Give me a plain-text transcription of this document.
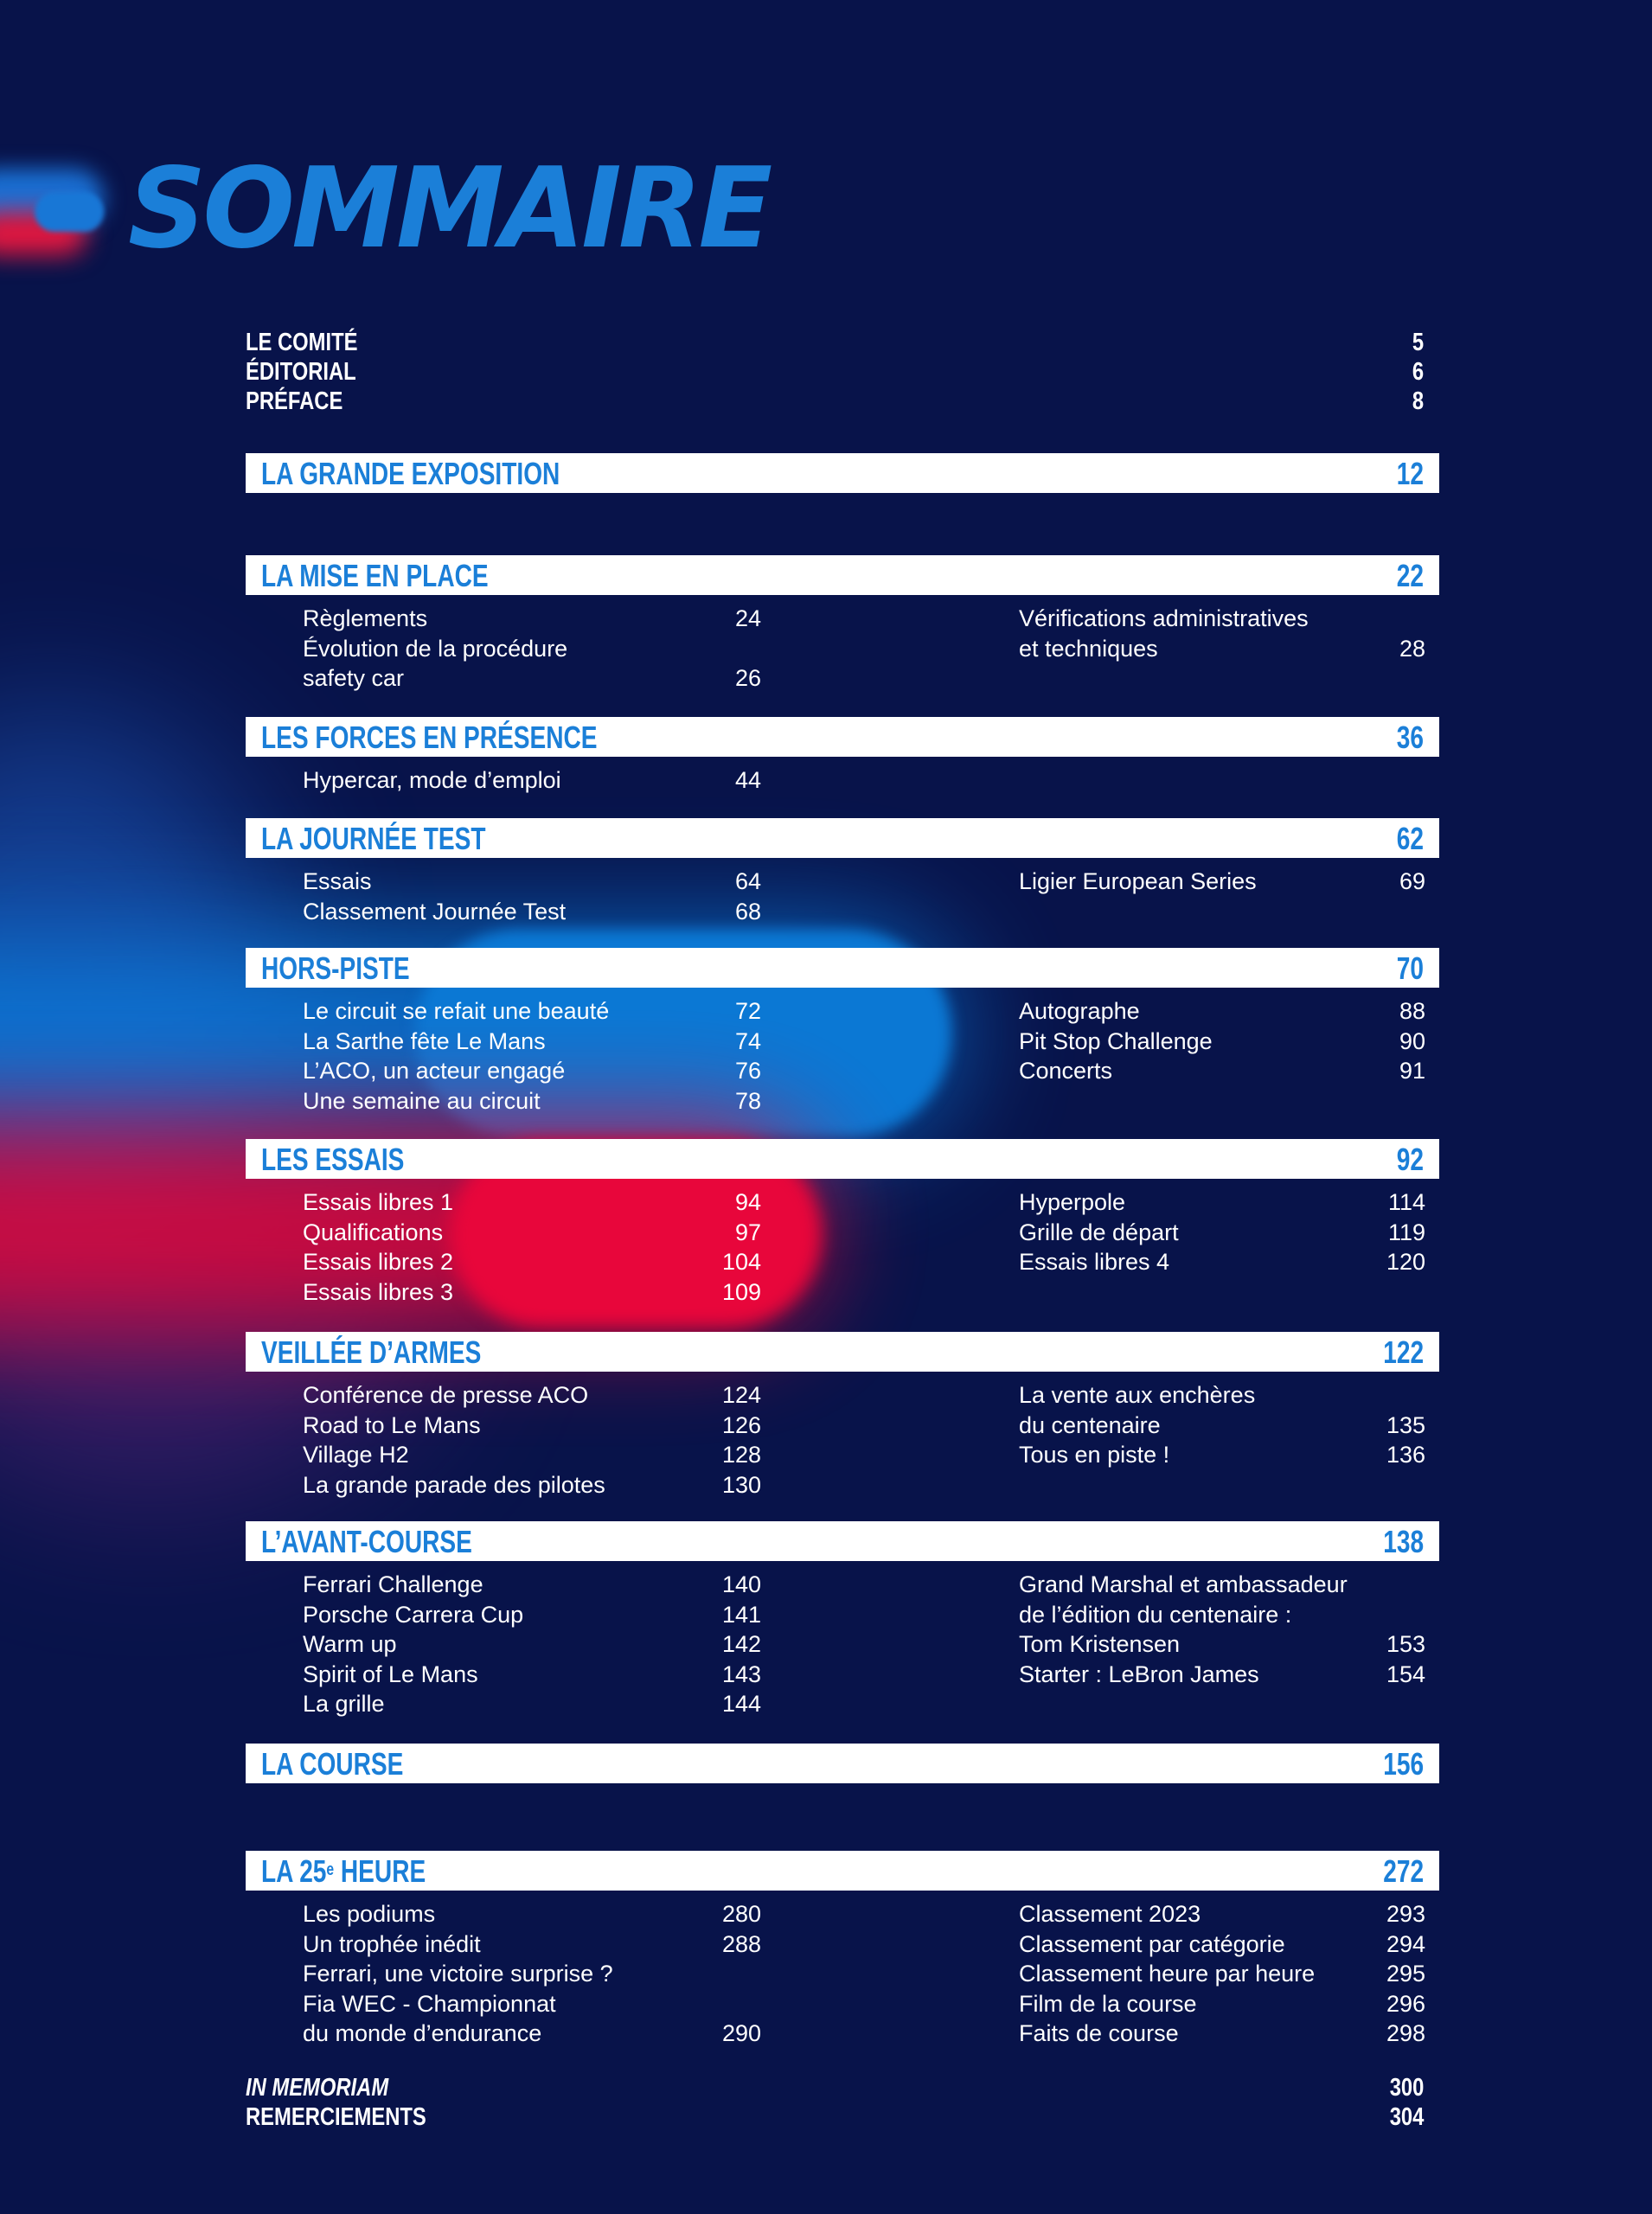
SOMMAIRE
LE COMITÉ	5
ÉDITORIAL	6
PRÉFACE	8
LA GRANDE EXPOSITION	12
LA MISE EN PLACE	22
Règlements	24
Évolution de la procédure
safety car	26
Vérifications administratives
et techniques	28
LES FORCES EN PRÉSENCE	36
Hypercar, mode d’emploi	44
LA JOURNÉE TEST	62
Essais	64
Classement Journée Test	68
Ligier European Series	69
HORS-PISTE	70
Le circuit se refait une beauté	72
La Sarthe fête Le Mans	74
L’ACO, un acteur engagé	76
Une semaine au circuit	78
Autographe	88
Pit Stop Challenge	90
Concerts	91
LES ESSAIS	92
Essais libres 1	94
Qualifications	97
Essais libres 2	104
Essais libres 3	109
Hyperpole	114
Grille de départ	119
Essais libres 4	120
VEILLÉE D’ARMES	122
Conférence de presse ACO	124
Road to Le Mans	126
Village H2	128
La grande parade des pilotes	130
La vente aux enchères
du centenaire	135
Tous en piste !	136
L’AVANT-COURSE	138
Ferrari Challenge	140
Porsche Carrera Cup	141
Warm up	142
Spirit of Le Mans	143
La grille	144
Grand Marshal et ambassadeur
de l’édition du centenaire :
Tom Kristensen	153
Starter : LeBron James	154
LA COURSE	156
LA 25e HEURE	272
Les podiums	280
Un trophée inédit	288
Ferrari, une victoire surprise ?
Fia WEC - Championnat
du monde d’endurance	290
Classement 2023	293
Classement par catégorie	294
Classement heure par heure	295
Film de la course	296
Faits de course	298
IN MEMORIAM	300
REMERCIEMENTS	304
